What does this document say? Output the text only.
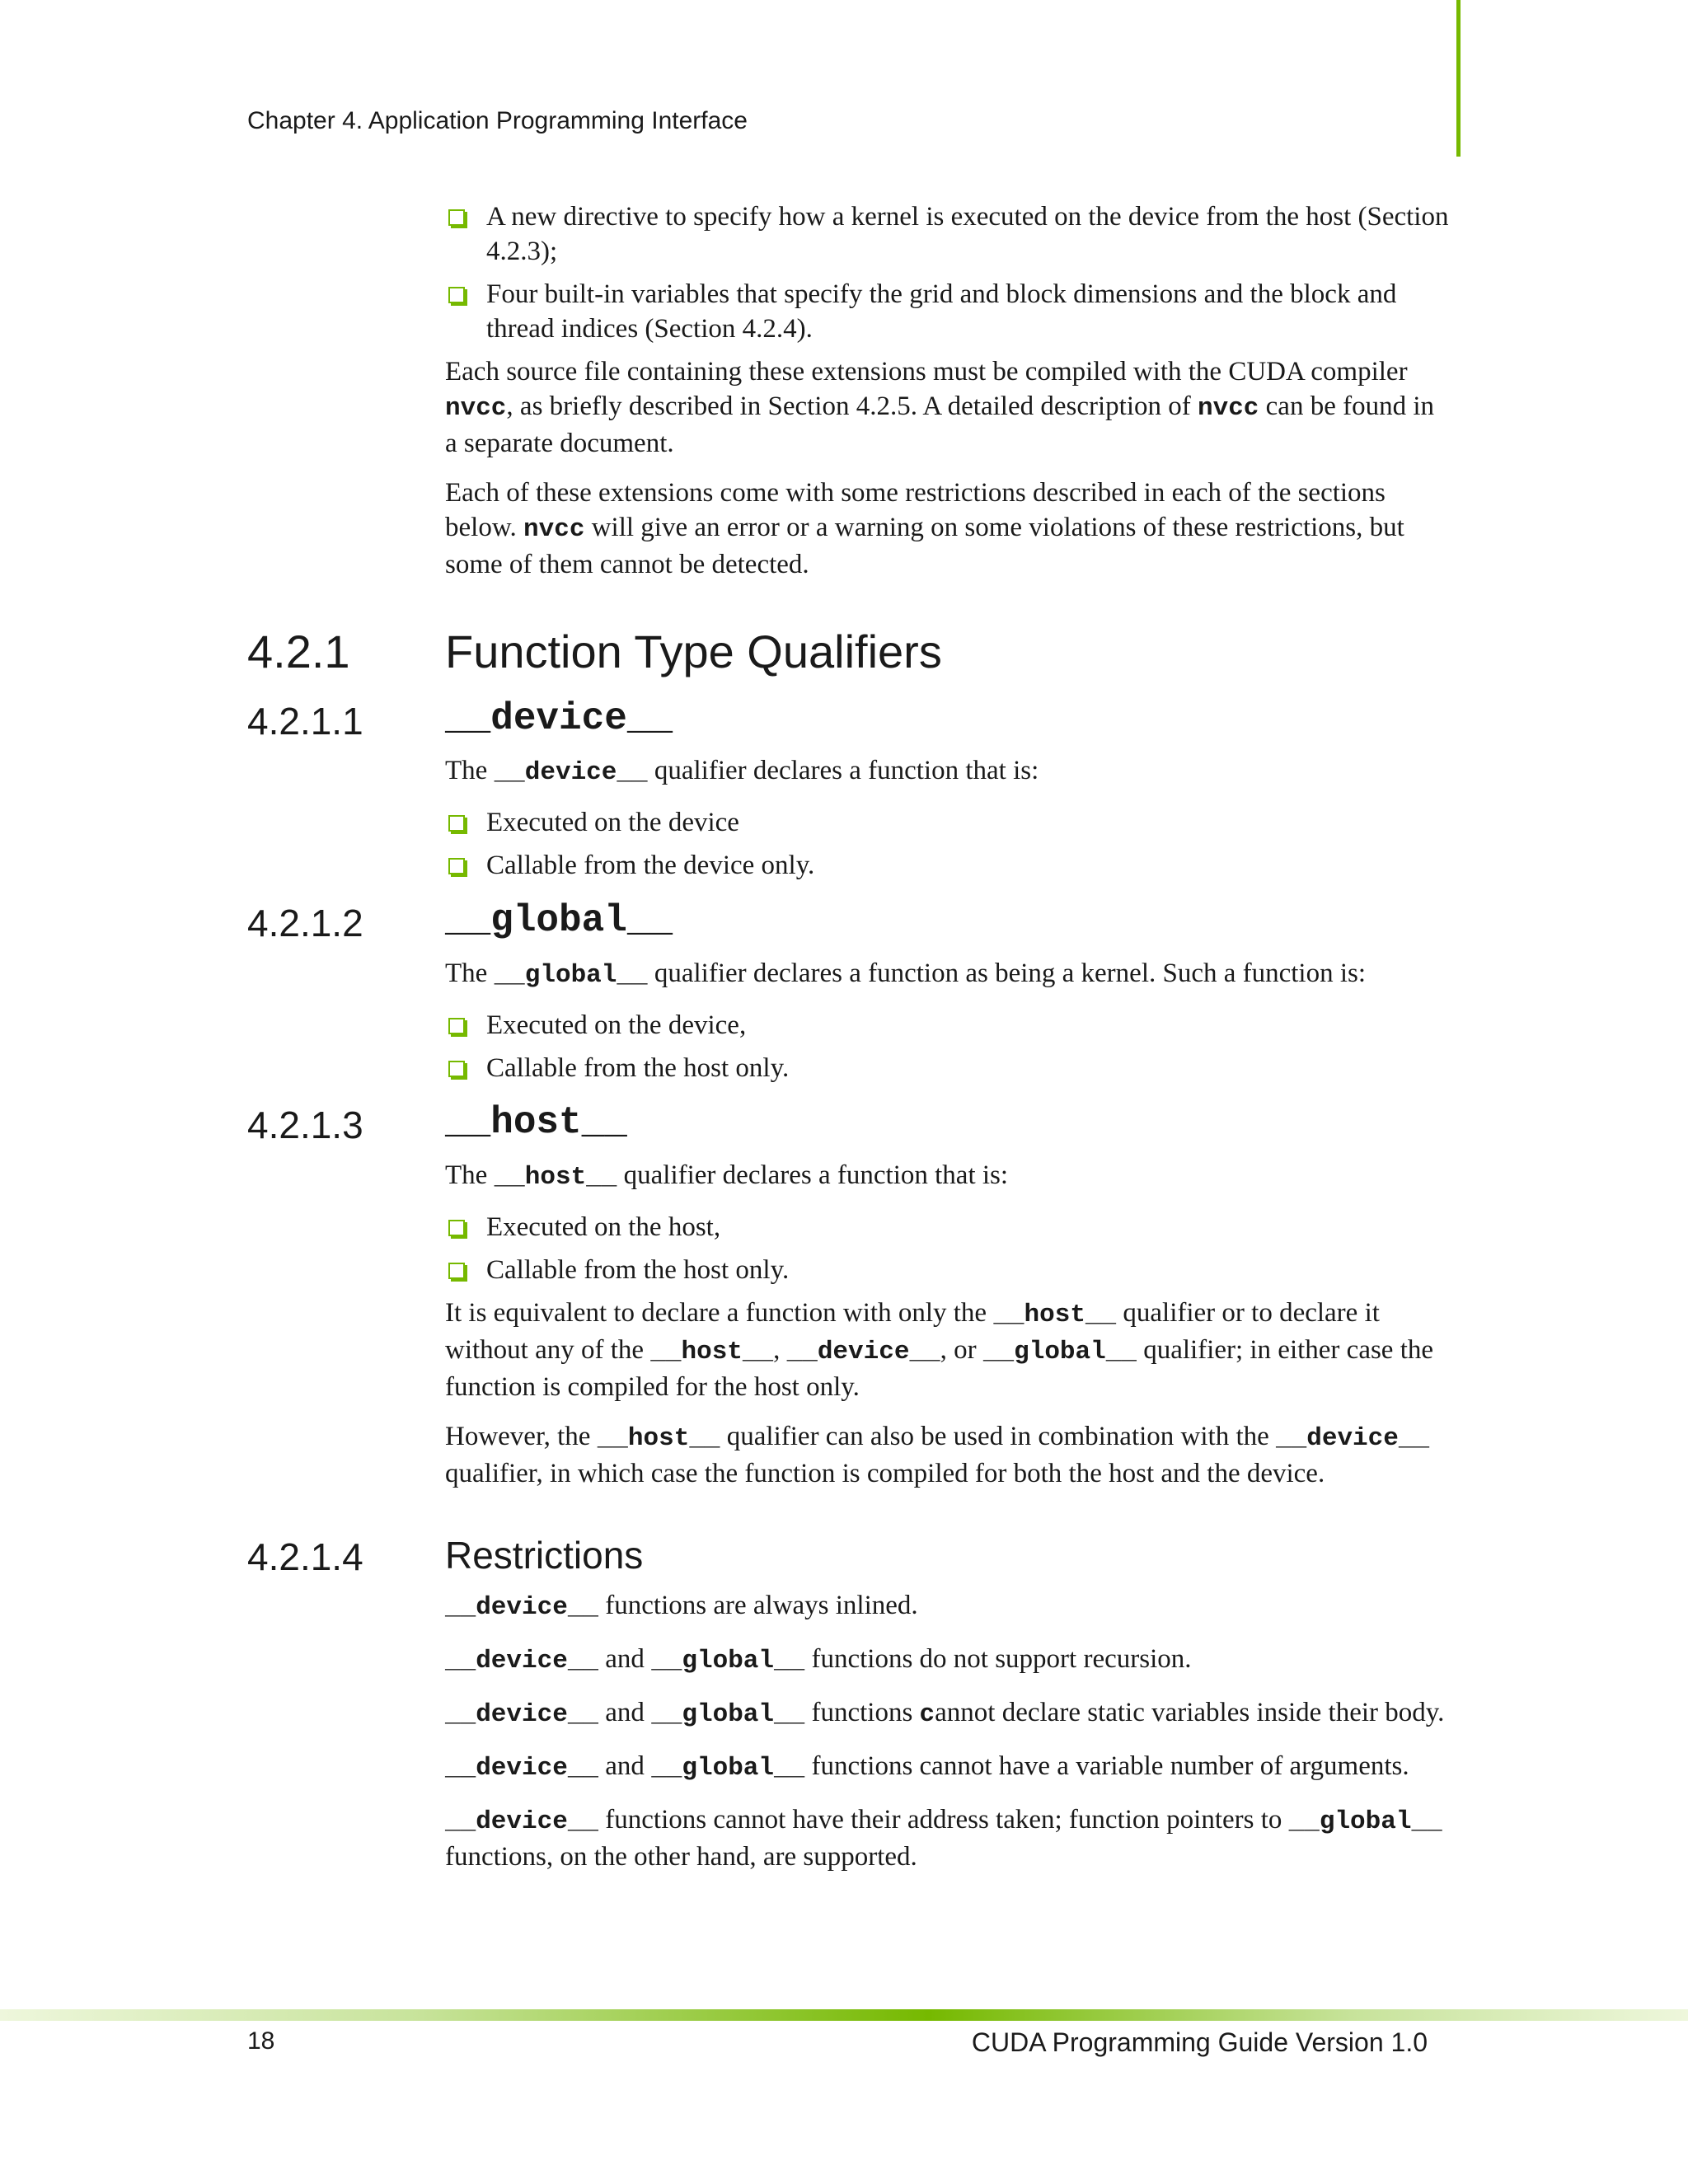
Chapter 4. Application Programming Interface
A new directive to specify how a kernel is executed on the device from the host (Section 4.2.3);
Four built-in variables that specify the grid and block dimensions and the block and thread indices (Section 4.2.4).

Each source file containing these extensions must be compiled with the CUDA compiler nvcc, as briefly described in Section 4.2.5. A detailed description of nvcc can be found in a separate document.

Each of these extensions come with some restrictions described in each of the sections below. nvcc will give an error or a warning on some violations of these restrictions, but some of them cannot be detected.

4.2.1 Function Type Qualifiers
4.2.1.1 __device__

The __device__ qualifier declares a function that is:

Executed on the device
Callable from the device only.
4.2.1.2 __global__

The __global__ qualifier declares a function as being a kernel. Such a function is:

Executed on the device,
Callable from the host only.
4.2.1.3 __host__

The __host__ qualifier declares a function that is:

Executed on the host,
Callable from the host only.

It is equivalent to declare a function with only the __host__ qualifier or to declare it without any of the __host__, __device__, or __global__ qualifier; in either case the function is compiled for the host only.

However, the __host__ qualifier can also be used in combination with the __device__ qualifier, in which case the function is compiled for both the host and the device.

4.2.1.4 Restrictions

__device__ functions are always inlined.

__device__ and __global__ functions do not support recursion.

__device__ and __global__ functions cannot declare static variables inside their body.

__device__ and __global__ functions cannot have a variable number of arguments.

__device__ functions cannot have their address taken; function pointers to __global__ functions, on the other hand, are supported.

18	CUDA Programming Guide Version 1.0
